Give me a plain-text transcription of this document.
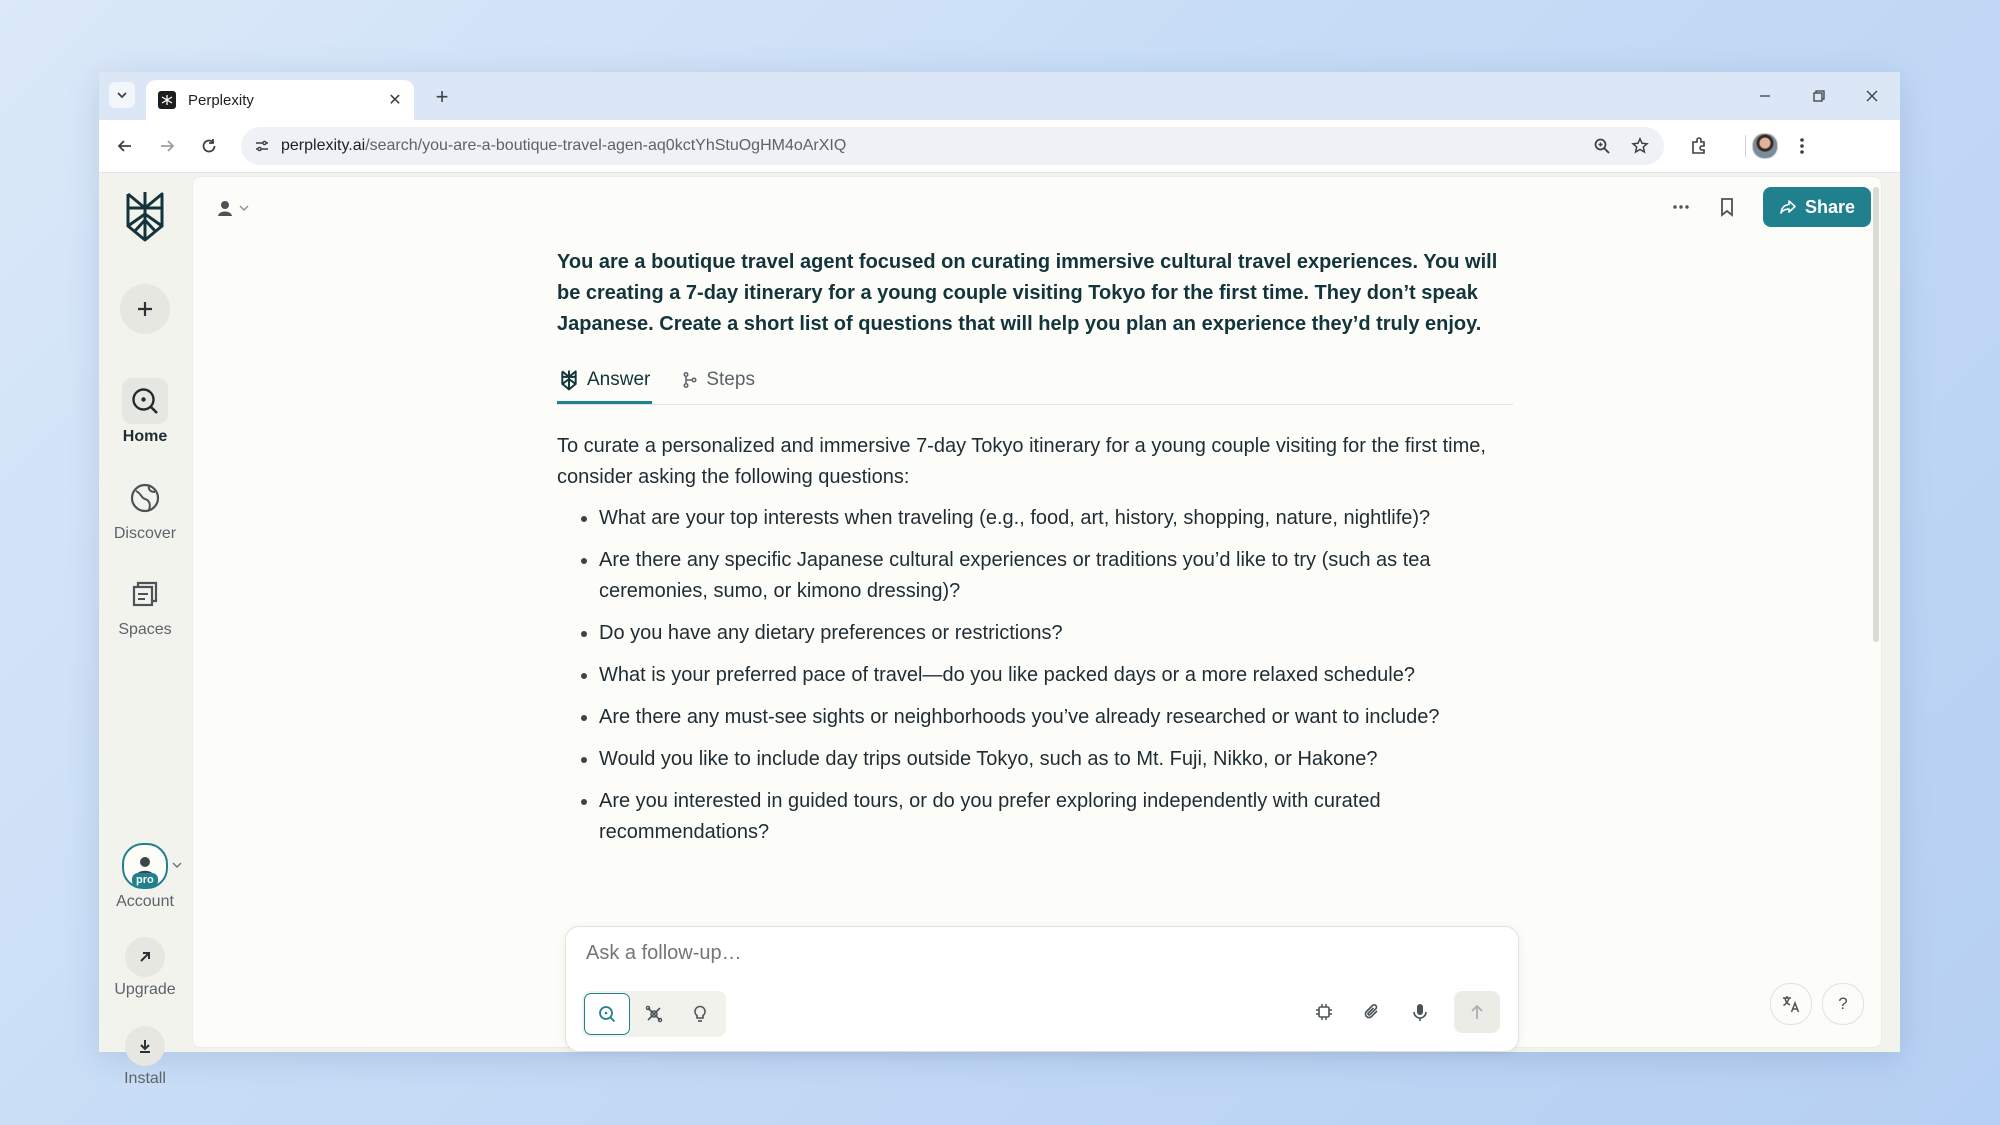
Perplexity	✕ +
perplexity.ai/search/you-are-a-boutique-travel-agen-aq0kctYhStuOgHM4oArXIQ
Home
Discover
Spaces
pro
Account
Upgrade
Install
Share
You are a boutique travel agent focused on curating immersive cultural travel experiences. You will be creating a 7-day itinerary for a young couple visiting Tokyo for the first time. They don’t speak Japanese. Create a short list of questions that will help you plan an experience they’d truly enjoy.
Answer	Steps

To curate a personalized and immersive 7-day Tokyo itinerary for a young couple visiting for the first time, consider asking the following questions:

• What are your top interests when traveling (e.g., food, art, history, shopping, nature, nightlife)?
• Are there any specific Japanese cultural experiences or traditions you’d like to try (such as tea ceremonies, sumo, or kimono dressing)?
• Do you have any dietary preferences or restrictions?
• What is your preferred pace of travel—do you like packed days or a more relaxed schedule?
• Are there any must-see sights or neighborhoods you’ve already researched or want to include?
• Would you like to include day trips outside Tokyo, such as to Mt. Fuji, Nikko, or Hakone?
• Are you interested in guided tours, or do you prefer exploring independently with curated recommendations?
Ask a follow-up…
?
